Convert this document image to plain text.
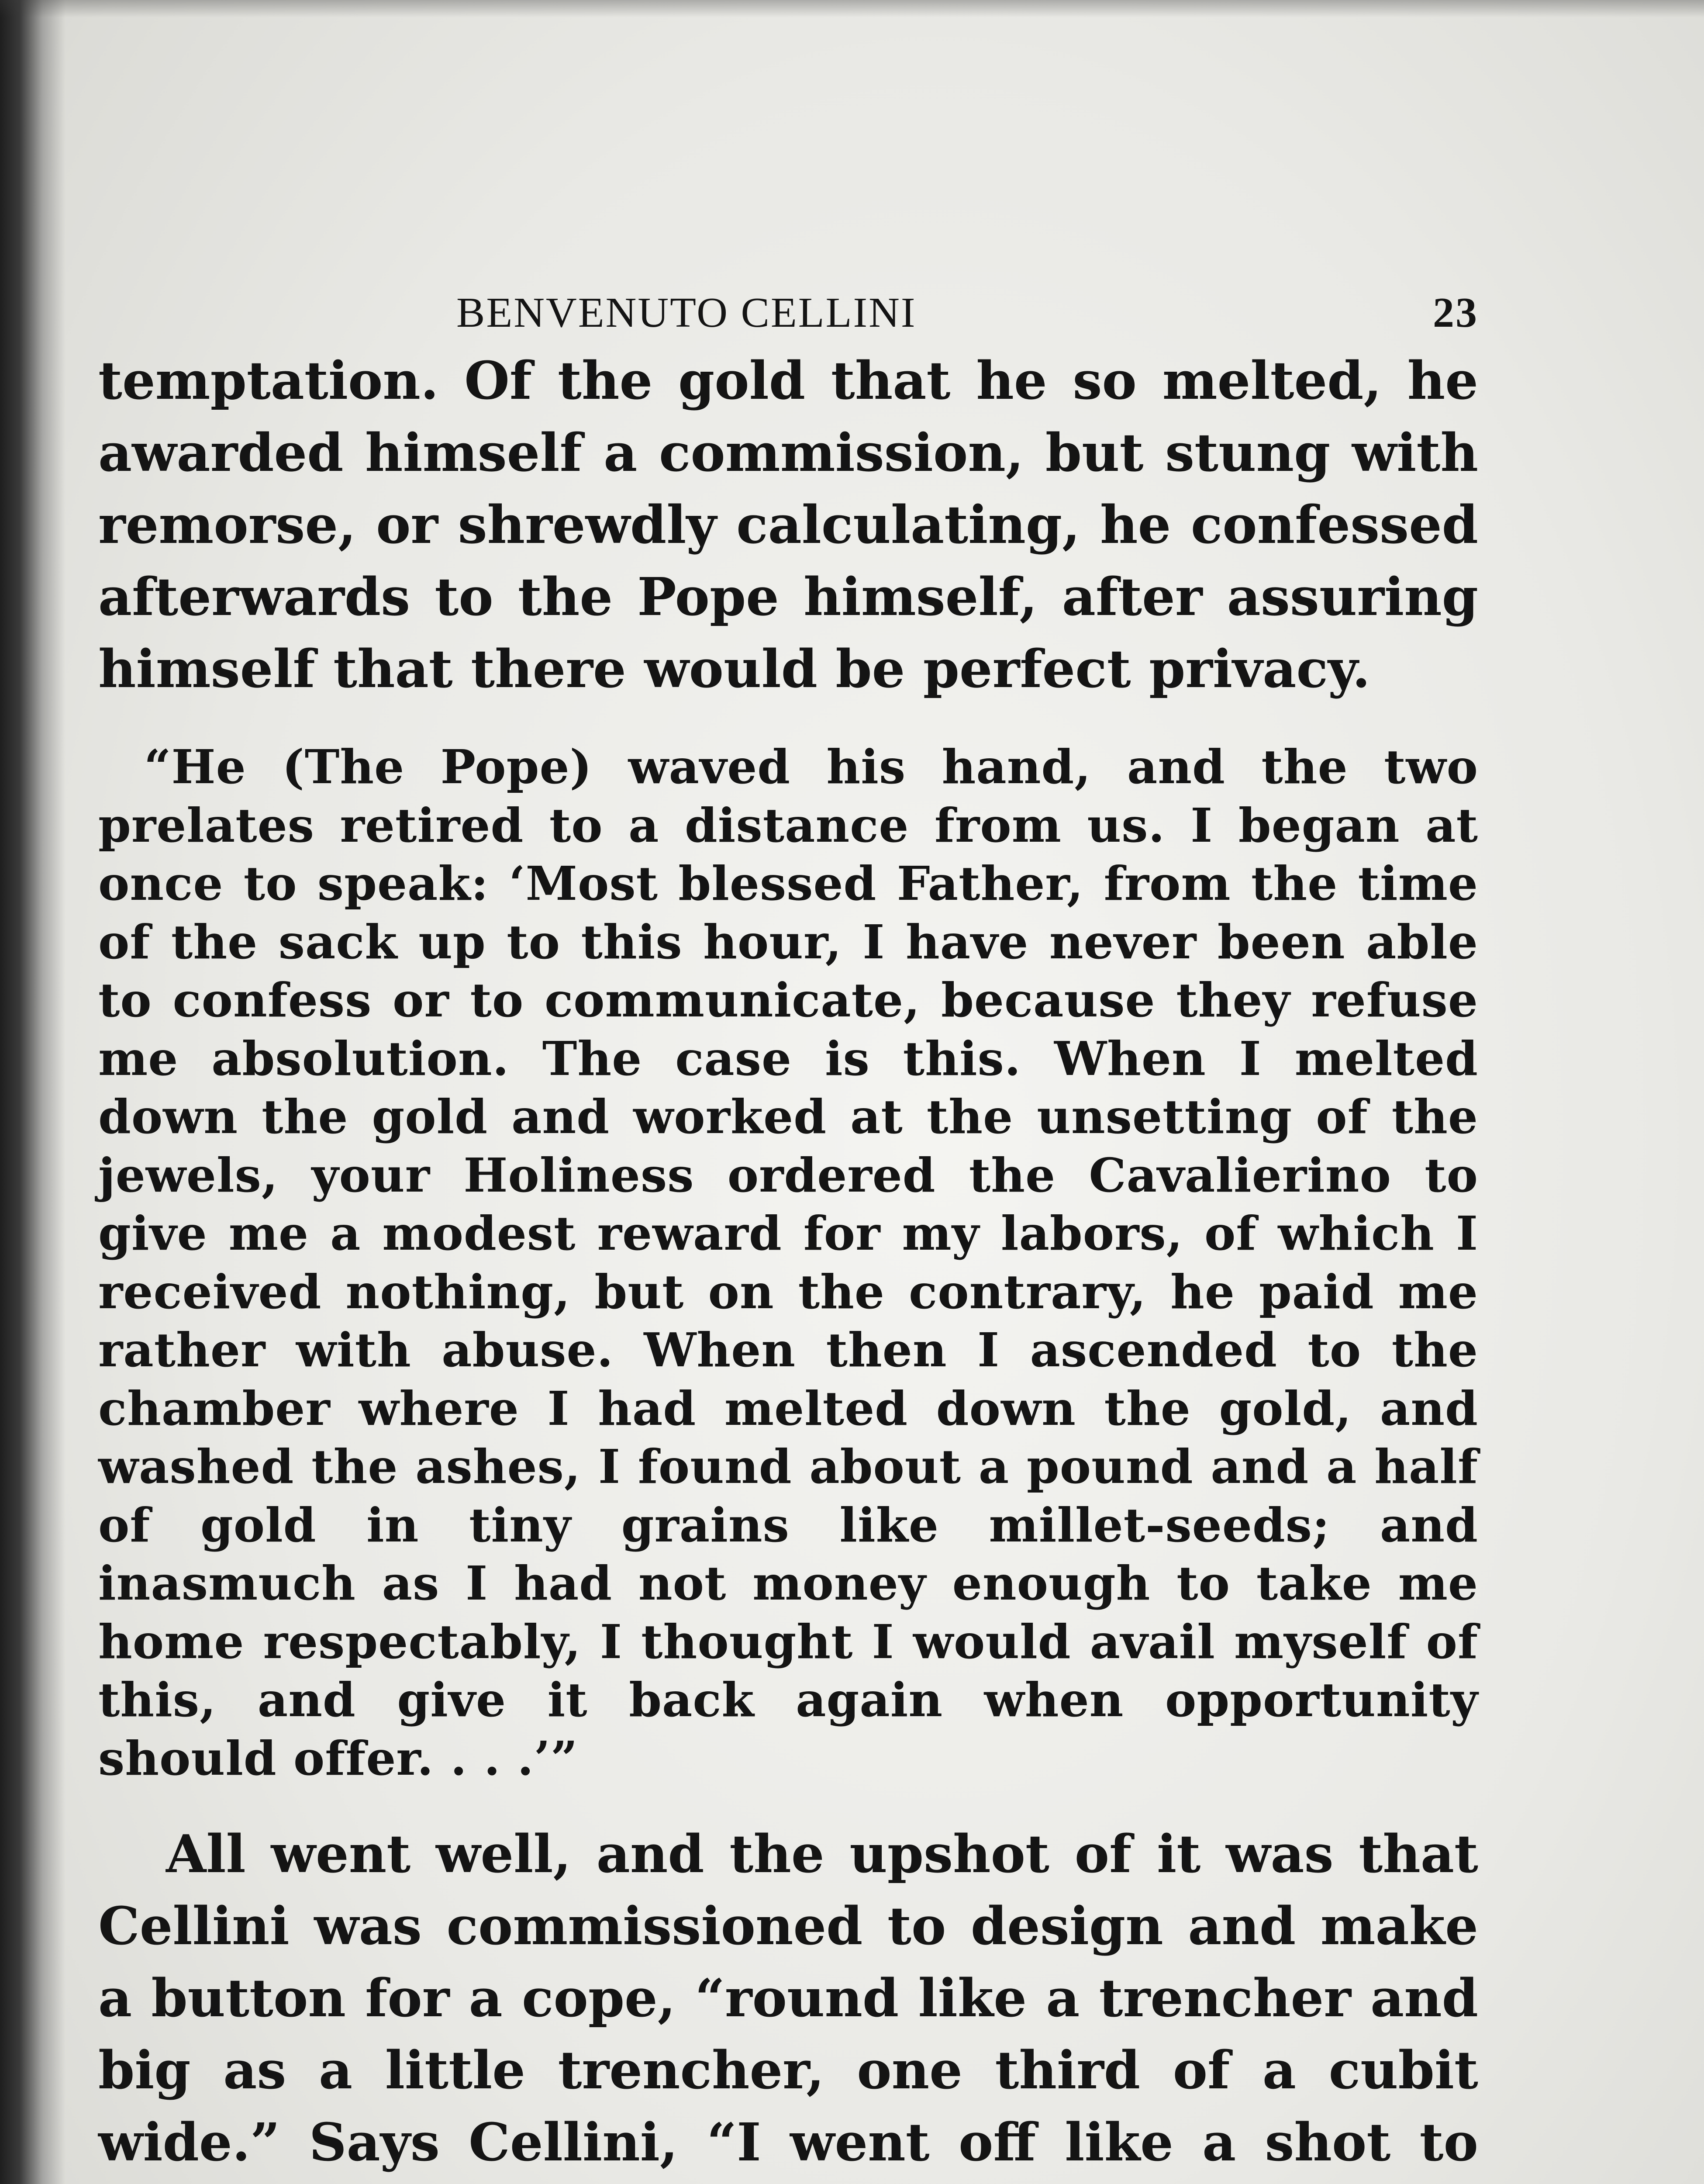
BENVENUTO CELLINI	23

temptation. Of the gold that he so melted, he awarded himself a commission, but stung with remorse, or shrewdly calculating, he confessed afterwards to the Pope himself, after assuring himself that there would be perfect privacy.

“He (The Pope) waved his hand, and the two prelates retired to a distance from us. I began at once to speak: ‘Most blessed Father, from the time of the sack up to this hour, I have never been able to confess or to communicate, because they refuse me absolution. The case is this. When I melted down the gold and worked at the unsetting of the jewels, your Holiness ordered the Cavalierino to give me a modest reward for my labors, of which I received nothing, but on the contrary, he paid me rather with abuse. When then I ascended to the chamber where I had melted down the gold, and washed the ashes, I found about a pound and a half of gold in tiny grains like millet-seeds; and inasmuch as I had not money enough to take me home respectably, I thought I would avail myself of this, and give it back again when opportunity should offer. . . .’”

All went well, and the upshot of it was that Cellini was commissioned to design and make a button for a cope, “round like a trencher and big as a little trencher, one third of a cubit wide.” Says Cellini, “I went off like a shot to
